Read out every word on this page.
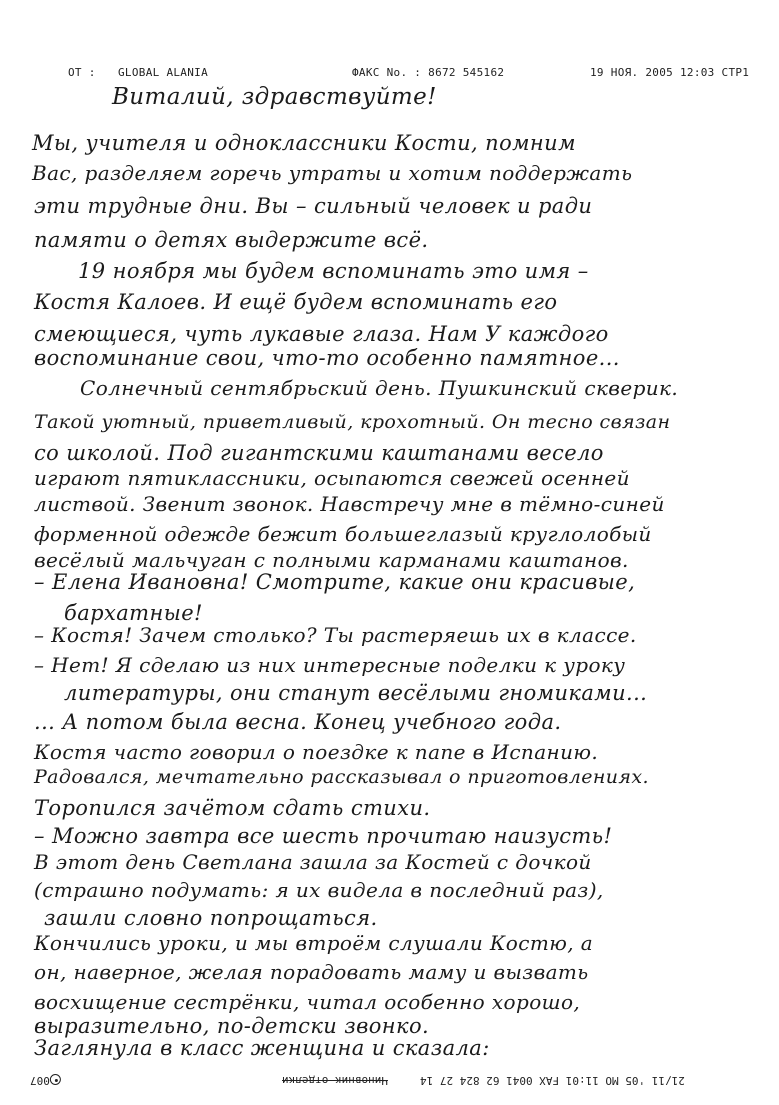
ОТ : GLOBAL ALANIA	ФАКС No. : 8672 545162	19 НОЯ. 2005 12:03 СТР1
Виталий, здравствуйте!
Мы, учителя и одноклассники Кости, помним
Вас, разделяем горечь утраты и хотим поддержать
эти трудные дни. Вы – сильный человек и ради
памяти о детях выдержите всё.
19 ноября мы будем вспоминать это имя –
Костя Калоев. И ещё будем вспоминать его
смеющиеся, чуть лукавые глаза. Нам У каждого
воспоминание свои, что-то особенно памятное...
Солнечный сентябрьский день. Пушкинский скверик.
Такой уютный, приветливый, крохотный. Он тесно связан
со школой. Под гигантскими каштанами весело
играют пятиклассники, осыпаются свежей осенней
листвой. Звенит звонок. Навстречу мне в тёмно-синей
форменной одежде бежит большеглазый круглолобый
весёлый мальчуган с полными карманами каштанов.
– Елена Ивановна! Смотрите, какие они красивые,
бархатные!
– Костя! Зачем столько? Ты растеряешь их в классе.
– Нет! Я сделаю из них интересные поделки к уроку
литературы, они станут весёлыми гномиками...
... А потом была весна. Конец учебного года.
Костя часто говорил о поездке к папе в Испанию.
Радовался, мечтательно рассказывал о приготовлениях.
Торопился зачётом сдать стихи.
– Можно завтра все шесть прочитаю наизусть!
В этот день Светлана зашла за Костей с дочкой
(страшно подумать: я их видела в последний раз),
зашли словно попрощаться.
Кончились уроки, и мы втроём слушали Костю, а
он, наверное, желая порадовать маму и вызвать
восхищение сестрёнки, читал особенно хорошо,
выразительно, по-детски звонко.
Заглянула в класс женщина и сказала:
007	Чиновник отделки	21/11 '05 MO 11:01 FAX 0041 62 824 27 14
